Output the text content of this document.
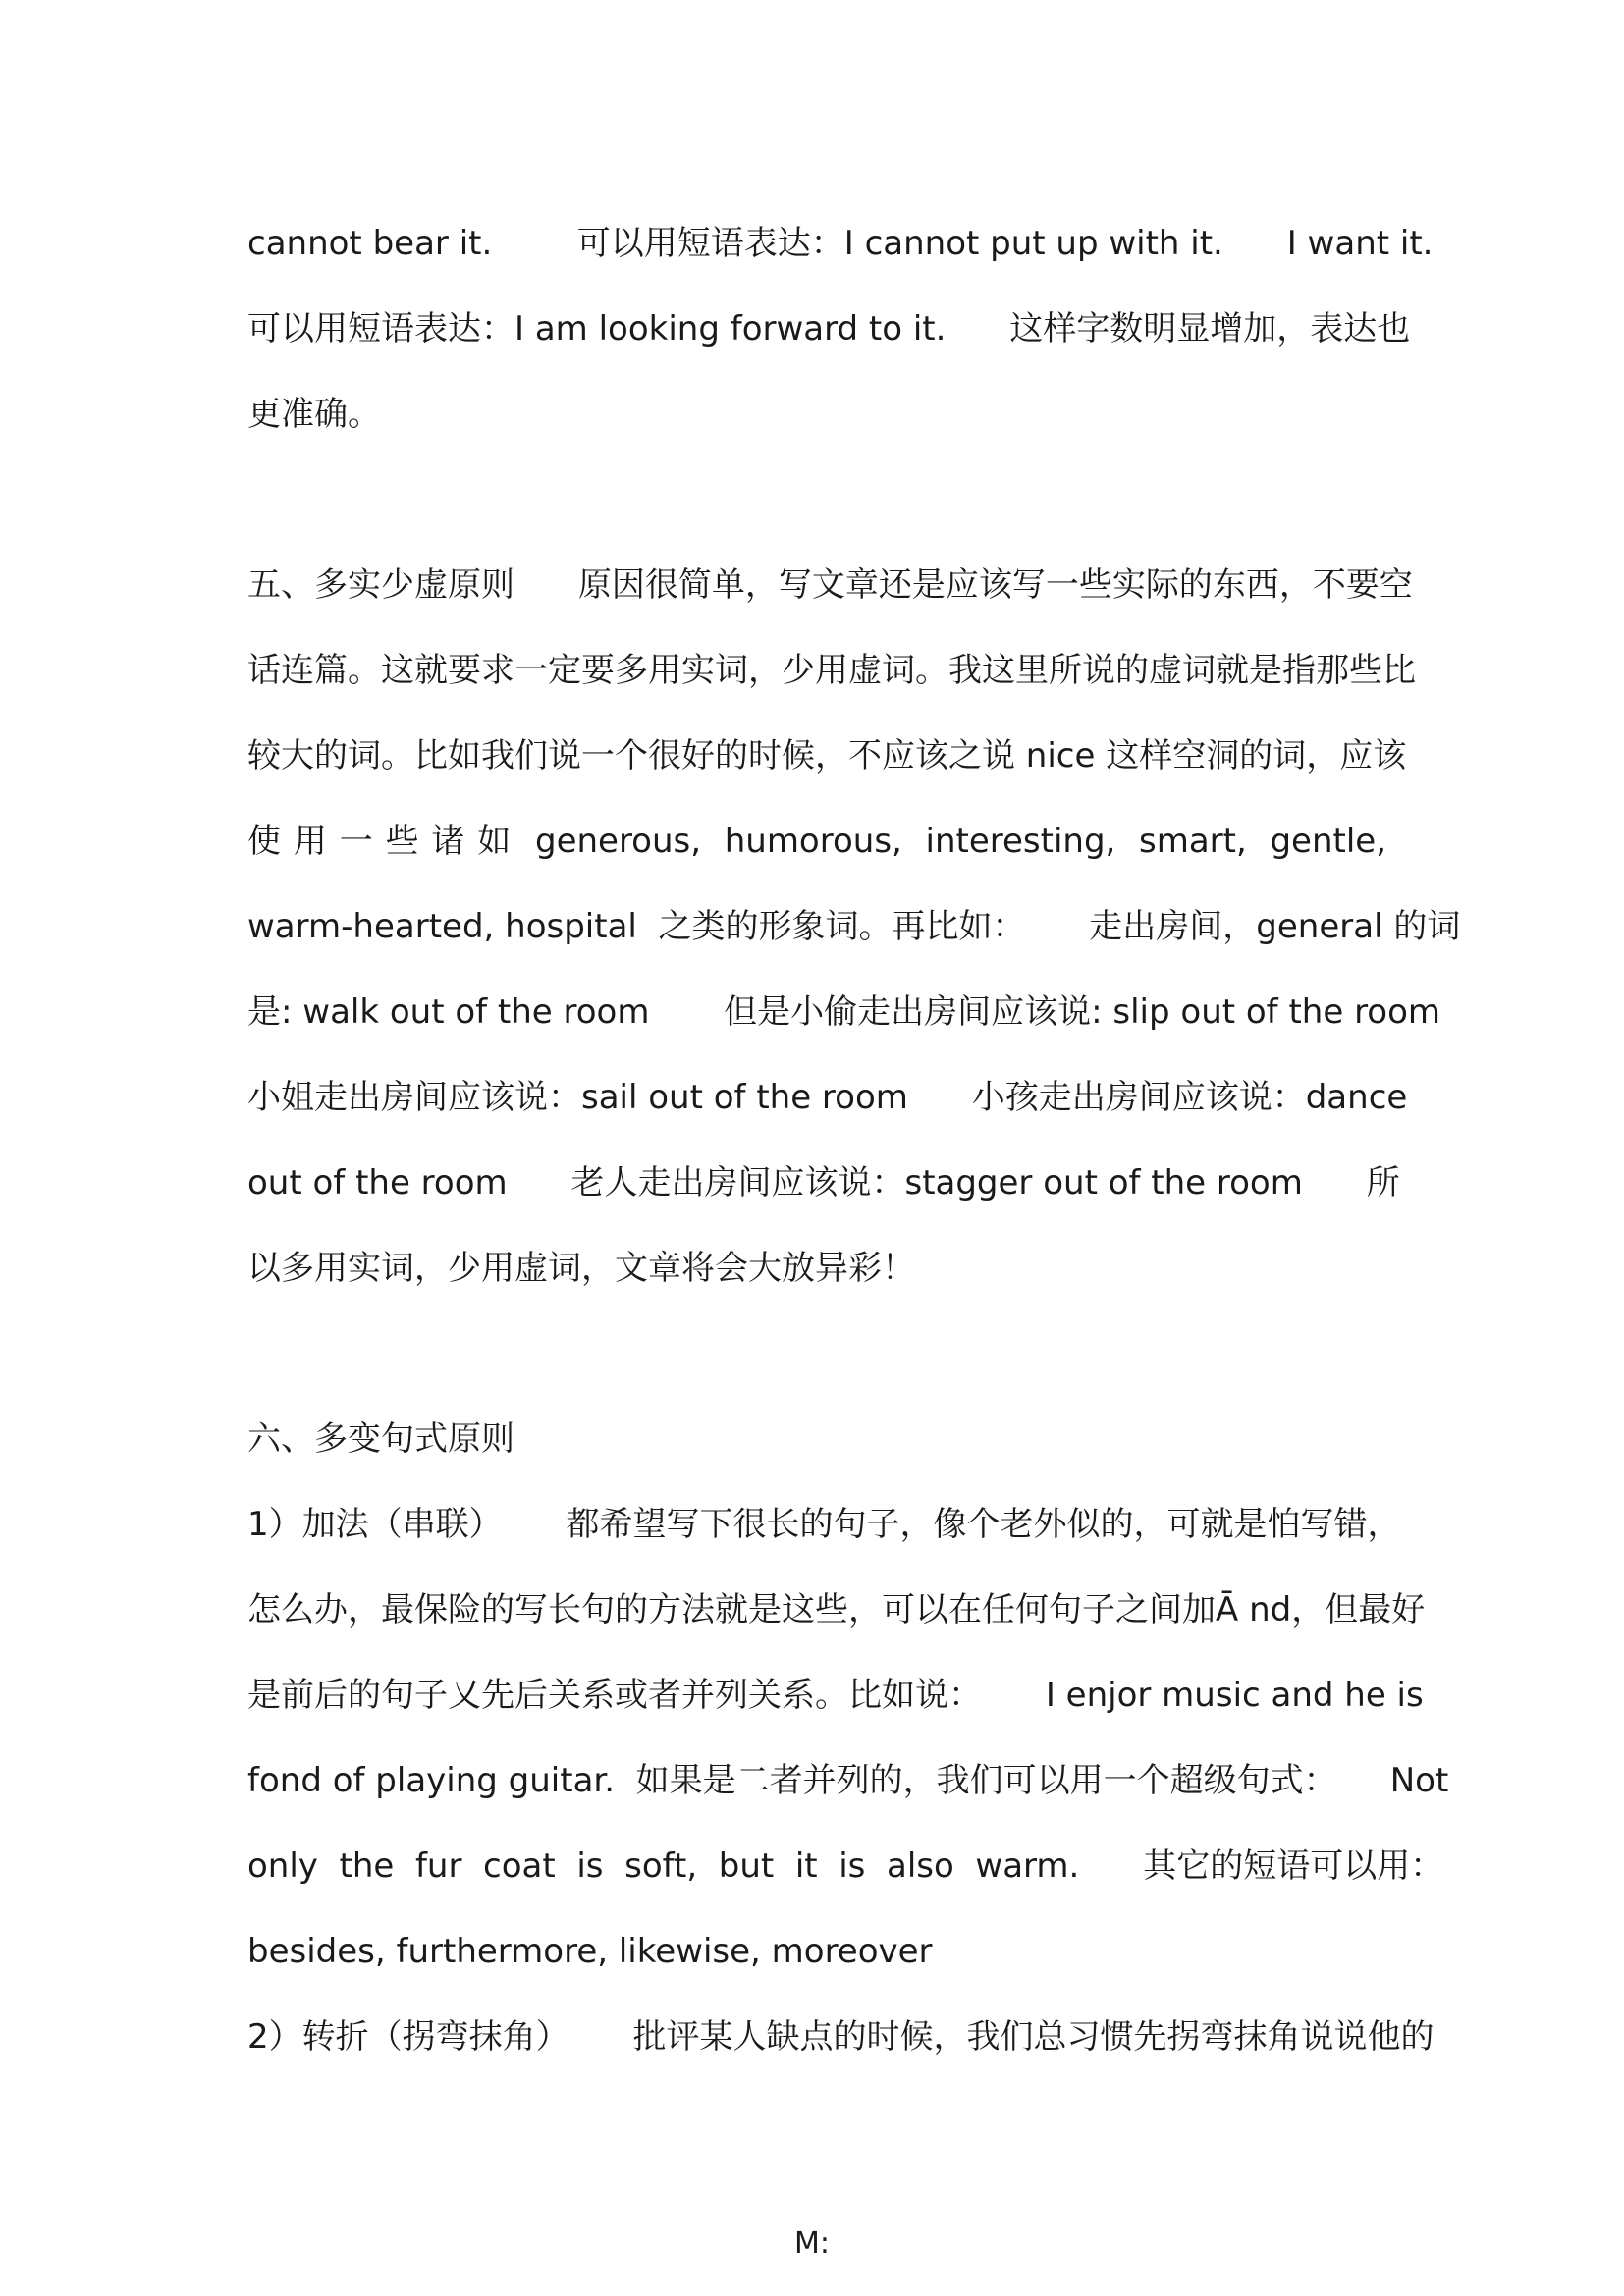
cannot bear it.        可以用短语表达：I cannot put up with it.      I want it.
可以用短语表达：I am looking forward to it.      这样字数明显增加，表达也
更准确。
五、多实少虚原则      原因很简单，写文章还是应该写一些实际的东西，不要空
话连篇。这就要求一定要多用实词，少用虚词。我这里所说的虚词就是指那些比
较大的词。比如我们说一个很好的时候，不应该之说 nice 这样空洞的词，应该
使 用 一 些 诸 如  generous,  humorous,  interesting,  smart,  gentle,
warm-hearted, hospital  之类的形象词。再比如：      走出房间，general 的词
是: walk out of the room       但是小偷走出房间应该说: slip out of the room
小姐走出房间应该说：sail out of the room      小孩走出房间应该说：dance
out of the room      老人走出房间应该说：stagger out of the room      所
以多用实词，少用虚词，文章将会大放异彩！
六、多变句式原则
1）加法（串联）      都希望写下很长的句子，像个老外似的，可就是怕写错，
怎么办，最保险的写长句的方法就是这些，可以在任何句子之间加Ā nd，但最好
是前后的句子又先后关系或者并列关系。比如说：      I enjor music and he is
fond of playing guitar.  如果是二者并列的，我们可以用一个超级句式：     Not
only  the  fur  coat  is  soft,  but  it  is  also  warm.      其它的短语可以用：
besides, furthermore, likewise, moreover
2）转折（拐弯抹角）      批评某人缺点的时候，我们总习惯先拐弯抹角说说他的
M:
